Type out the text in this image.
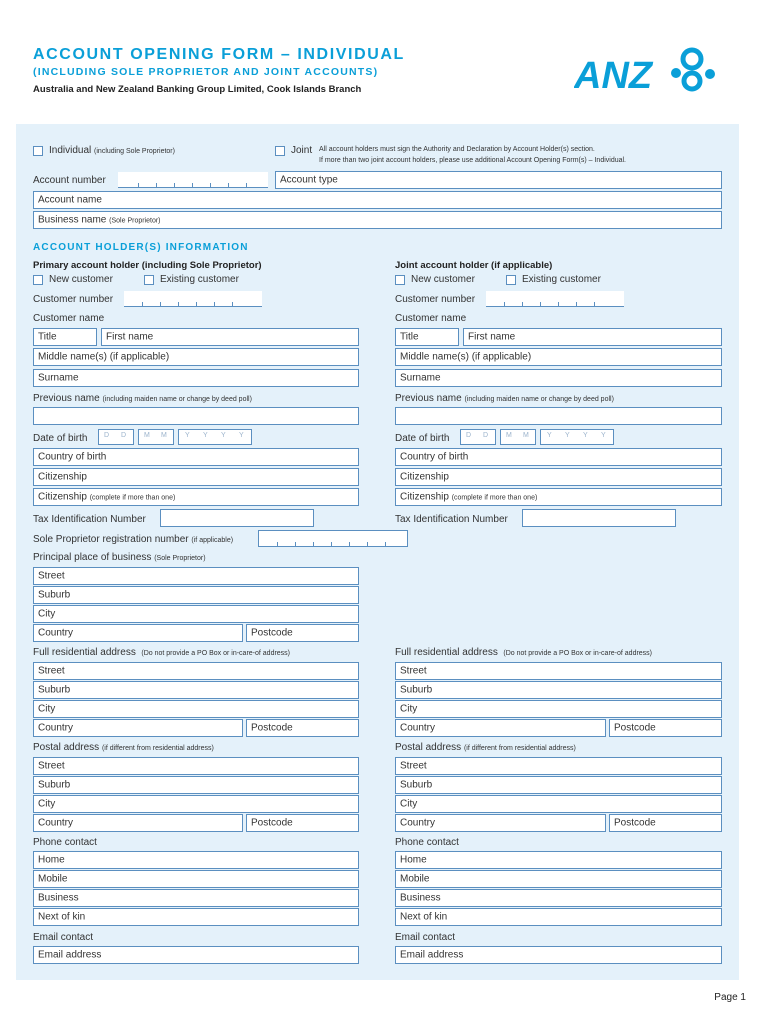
ACCOUNT OPENING FORM – INDIVIDUAL
(INCLUDING SOLE PROPRIETOR AND JOINT ACCOUNTS)
Australia and New Zealand Banking Group Limited, Cook Islands Branch	ANZ
Individual (including Sole Proprietor)	Joint All account holders must sign the Authority and Declaration by Account Holder(s) section.
If more than two joint account holders, please use additional Account Opening Form(s) – Individual.
Account number	Account type
Account name
Business name (Sole Proprietor)
ACCOUNT HOLDER(S) INFORMATION
Primary account holder (including Sole Proprietor)
New customer	Existing customer
Customer number
Customer name
Title	First name
Middle name(s) (if applicable)
Surname
Previous name (including maiden name or change by deed poll)
Date of birth D D	M M	Y Y Y Y
Country of birth
Citizenship
Citizenship (complete if more than one)
Tax Identification Number
Sole Proprietor registration number (if applicable)
Principal place of business (Sole Proprietor)
Street
Suburb
City
Country	Postcode
Full residential address (Do not provide a PO Box or in-care-of address)
Street
Suburb
City
Country	Postcode
Postal address (if different from residential address)
Street
Suburb
City
Country	Postcode
Phone contact
Home
Mobile
Business
Next of kin
Email contact
Email address
Joint account holder (if applicable)
New customer	Existing customer
Customer number
Customer name
Title	First name
Middle name(s) (if applicable)
Surname
Previous name (including maiden name or change by deed poll)
Date of birth D D	M M	Y Y Y Y
Country of birth
Citizenship
Citizenship (complete if more than one)
Tax Identification Number
Full residential address (Do not provide a PO Box or in-care-of address)
Street
Suburb
City
Country	Postcode
Postal address (if different from residential address)
Street
Suburb
City
Country	Postcode
Phone contact
Home
Mobile
Business
Next of kin
Email contact
Email address
Page 1
